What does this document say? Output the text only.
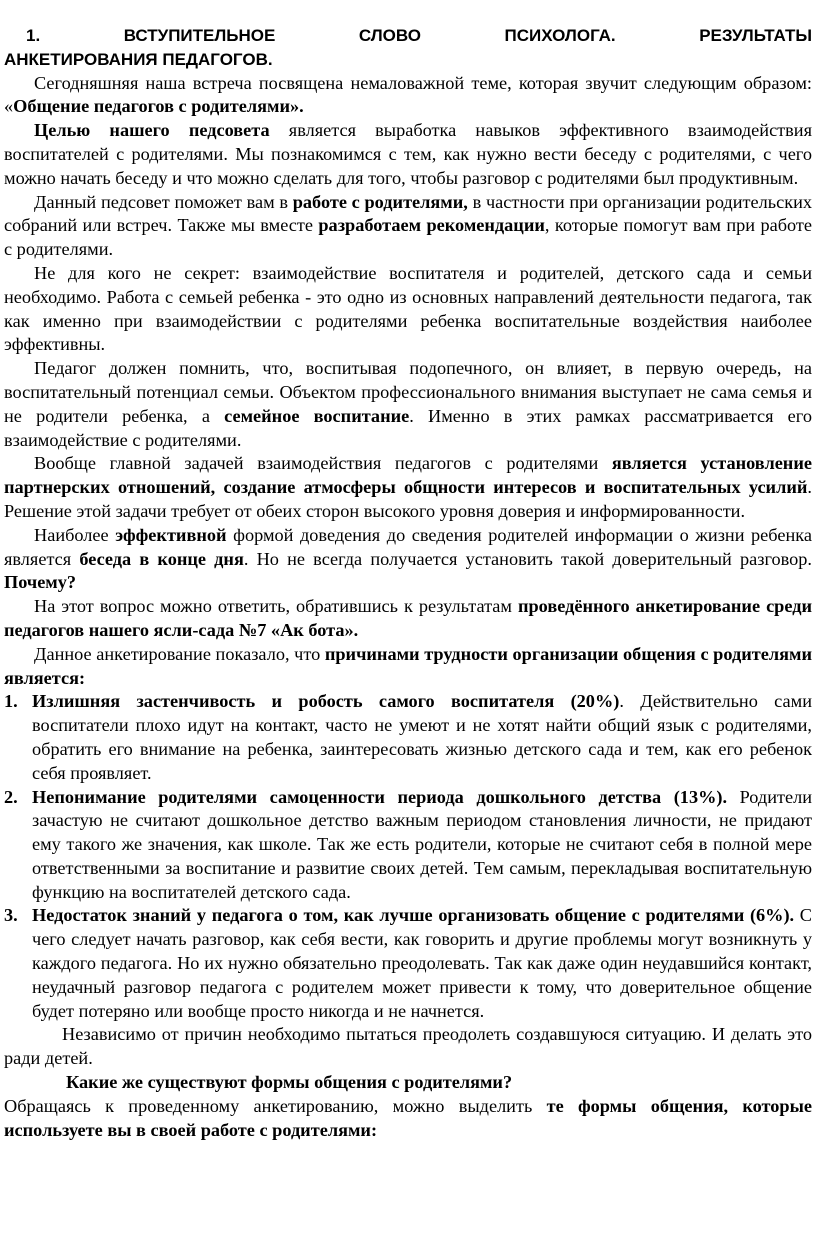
1.	ВСТУПИТЕЛЬНОЕ СЛОВО ПСИХОЛОГА. РЕЗУЛЬТАТЫ

АНКЕТИРОВАНИЯ ПЕДАГОГОВ.

Сегодняшняя наша встреча посвящена немаловажной теме, которая звучит следующим образом: «Общение педагогов с родителями».

Целью нашего педсовета является выработка навыков эффективного взаимодействия воспитателей с родителями. Мы познакомимся с тем, как нужно вести беседу с родителями, с чего можно начать беседу и что можно сделать для того, чтобы разговор с родителями был продуктивным.

Данный педсовет поможет вам в работе с родителями, в частности при организации родительских собраний или встреч. Также мы вместе разработаем рекомендации, которые помогут вам при работе с родителями.

Не для кого не секрет: взаимодействие воспитателя и родителей, детского сада и семьи необходимо. Работа с семьей ребенка - это одно из основных направлений деятельности педагога, так как именно при взаимодействии с родителями ребенка воспитательные воздействия наиболее эффективны.

Педагог должен помнить, что, воспитывая подопечного, он влияет, в первую очередь, на воспитательный потенциал семьи. Объектом профессионального внимания выступает не сама семья и не родители ребенка, а семейное воспитание. Именно в этих рамках рассматривается его взаимодействие с родителями.

Вообще главной задачей взаимодействия педагогов с родителями является установление партнерских отношений, создание атмосферы общности интересов и воспитательных усилий. Решение этой задачи требует от обеих сторон высокого уровня доверия и информированности.

Наиболее эффективной формой доведения до сведения родителей информации о жизни ребенка является беседа в конце дня. Но не всегда получается установить такой доверительный разговор. Почему?

На этот вопрос можно ответить, обратившись к результатам проведённого анкетирование среди педагогов нашего ясли-сада №7 «Ак бота».

Данное анкетирование показало, что причинами трудности организации общения с родителями является:

1. Излишняя застенчивость и робость самого воспитателя (20%). Действительно сами воспитатели плохо идут на контакт, часто не умеют и не хотят найти общий язык с родителями, обратить его внимание на ребенка, заинтересовать жизнью детского сада и тем, как его ребенок себя проявляет.
2. Непонимание родителями самоценности периода дошкольного детства (13%). Родители зачастую не считают дошкольное детство важным периодом становления личности, не придают ему такого же значения, как школе. Так же есть родители, которые не считают себя в полной мере ответственными за воспитание и развитие своих детей. Тем самым, перекладывая воспитательную функцию на воспитателей детского сада.
3. Недостаток знаний у педагога о том, как лучше организовать общение с родителями (6%). С чего следует начать разговор, как себя вести, как говорить и другие проблемы могут возникнуть у каждого педагога. Но их нужно обязательно преодолевать. Так как даже один неудавшийся контакт, неудачный разговор педагога с родителем может привести к тому, что доверительное общение будет потеряно или вообще просто никогда и не начнется.

Независимо от причин необходимо пытаться преодолеть создавшуюся ситуацию. И делать это ради детей.

Какие же существуют формы общения с родителями?

Обращаясь к проведенному анкетированию, можно выделить те формы общения, которые используете вы в своей работе с родителями:
